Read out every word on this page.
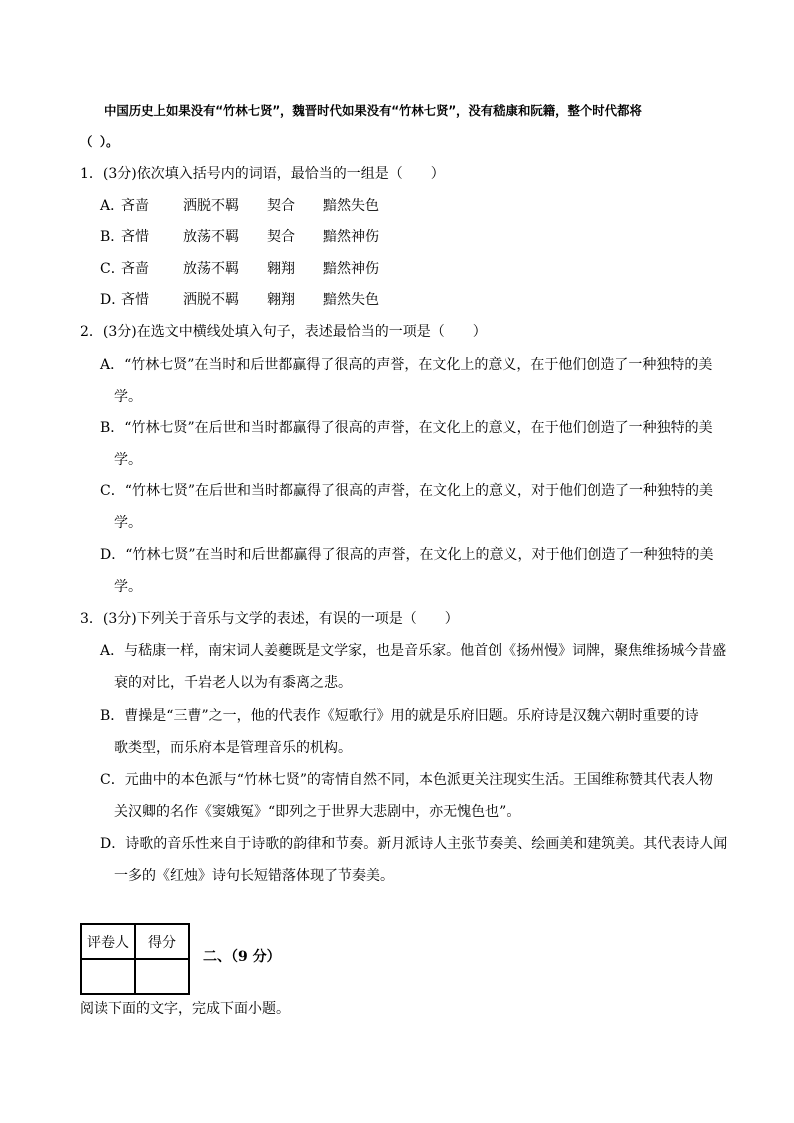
中国历史上如果没有“竹林七贤”，魏晋时代如果没有“竹林七贤”，没有嵇康和阮籍，整个时代都将
（ ）。
1．(3分)依次填入括号内的词语，最恰当的一组是（　　）
A．
吝啬 洒脱不羁 契合 黯然失色
B．
吝惜 放荡不羁 契合 黯然神伤
C．
吝啬 放荡不羁 翱翔 黯然神伤
D．
吝惜 洒脱不羁 翱翔 黯然失色
2．(3分)在选文中横线处填入句子，表述最恰当的一项是（　　）
A．“竹林七贤”在当时和后世都赢得了很高的声誉，在文化上的意义，在于他们创造了一种独特的美
学。
B．“竹林七贤”在后世和当时都赢得了很高的声誉，在文化上的意义，在于他们创造了一种独特的美
学。
C．“竹林七贤”在后世和当时都赢得了很高的声誉，在文化上的意义，对于他们创造了一种独特的美
学。
D．“竹林七贤”在当时和后世都赢得了很高的声誉，在文化上的意义，对于他们创造了一种独特的美
学。
3．(3分)下列关于音乐与文学的表述，有误的一项是（　　）
A．与嵇康一样，南宋词人姜夔既是文学家，也是音乐家。他首创《扬州慢》词牌，聚焦维扬城今昔盛
衰的对比，千岩老人以为有黍离之悲。
B．曹操是“三曹”之一，他的代表作《短歌行》用的就是乐府旧题。乐府诗是汉魏六朝时重要的诗
歌类型，而乐府本是管理音乐的机构。
C．元曲中的本色派与“竹林七贤”的寄情自然不同，本色派更关注现实生活。王国维称赞其代表人物
关汉卿的名作《窦娥冤》“即列之于世界大悲剧中，亦无愧色也”。
D．诗歌的音乐性来自于诗歌的韵律和节奏。新月派诗人主张节奏美、绘画美和建筑美。其代表诗人闻
一多的《红烛》诗句长短错落体现了节奏美。
评卷人	得分

二、（9 分）
阅读下面的文字，完成下面小题。
